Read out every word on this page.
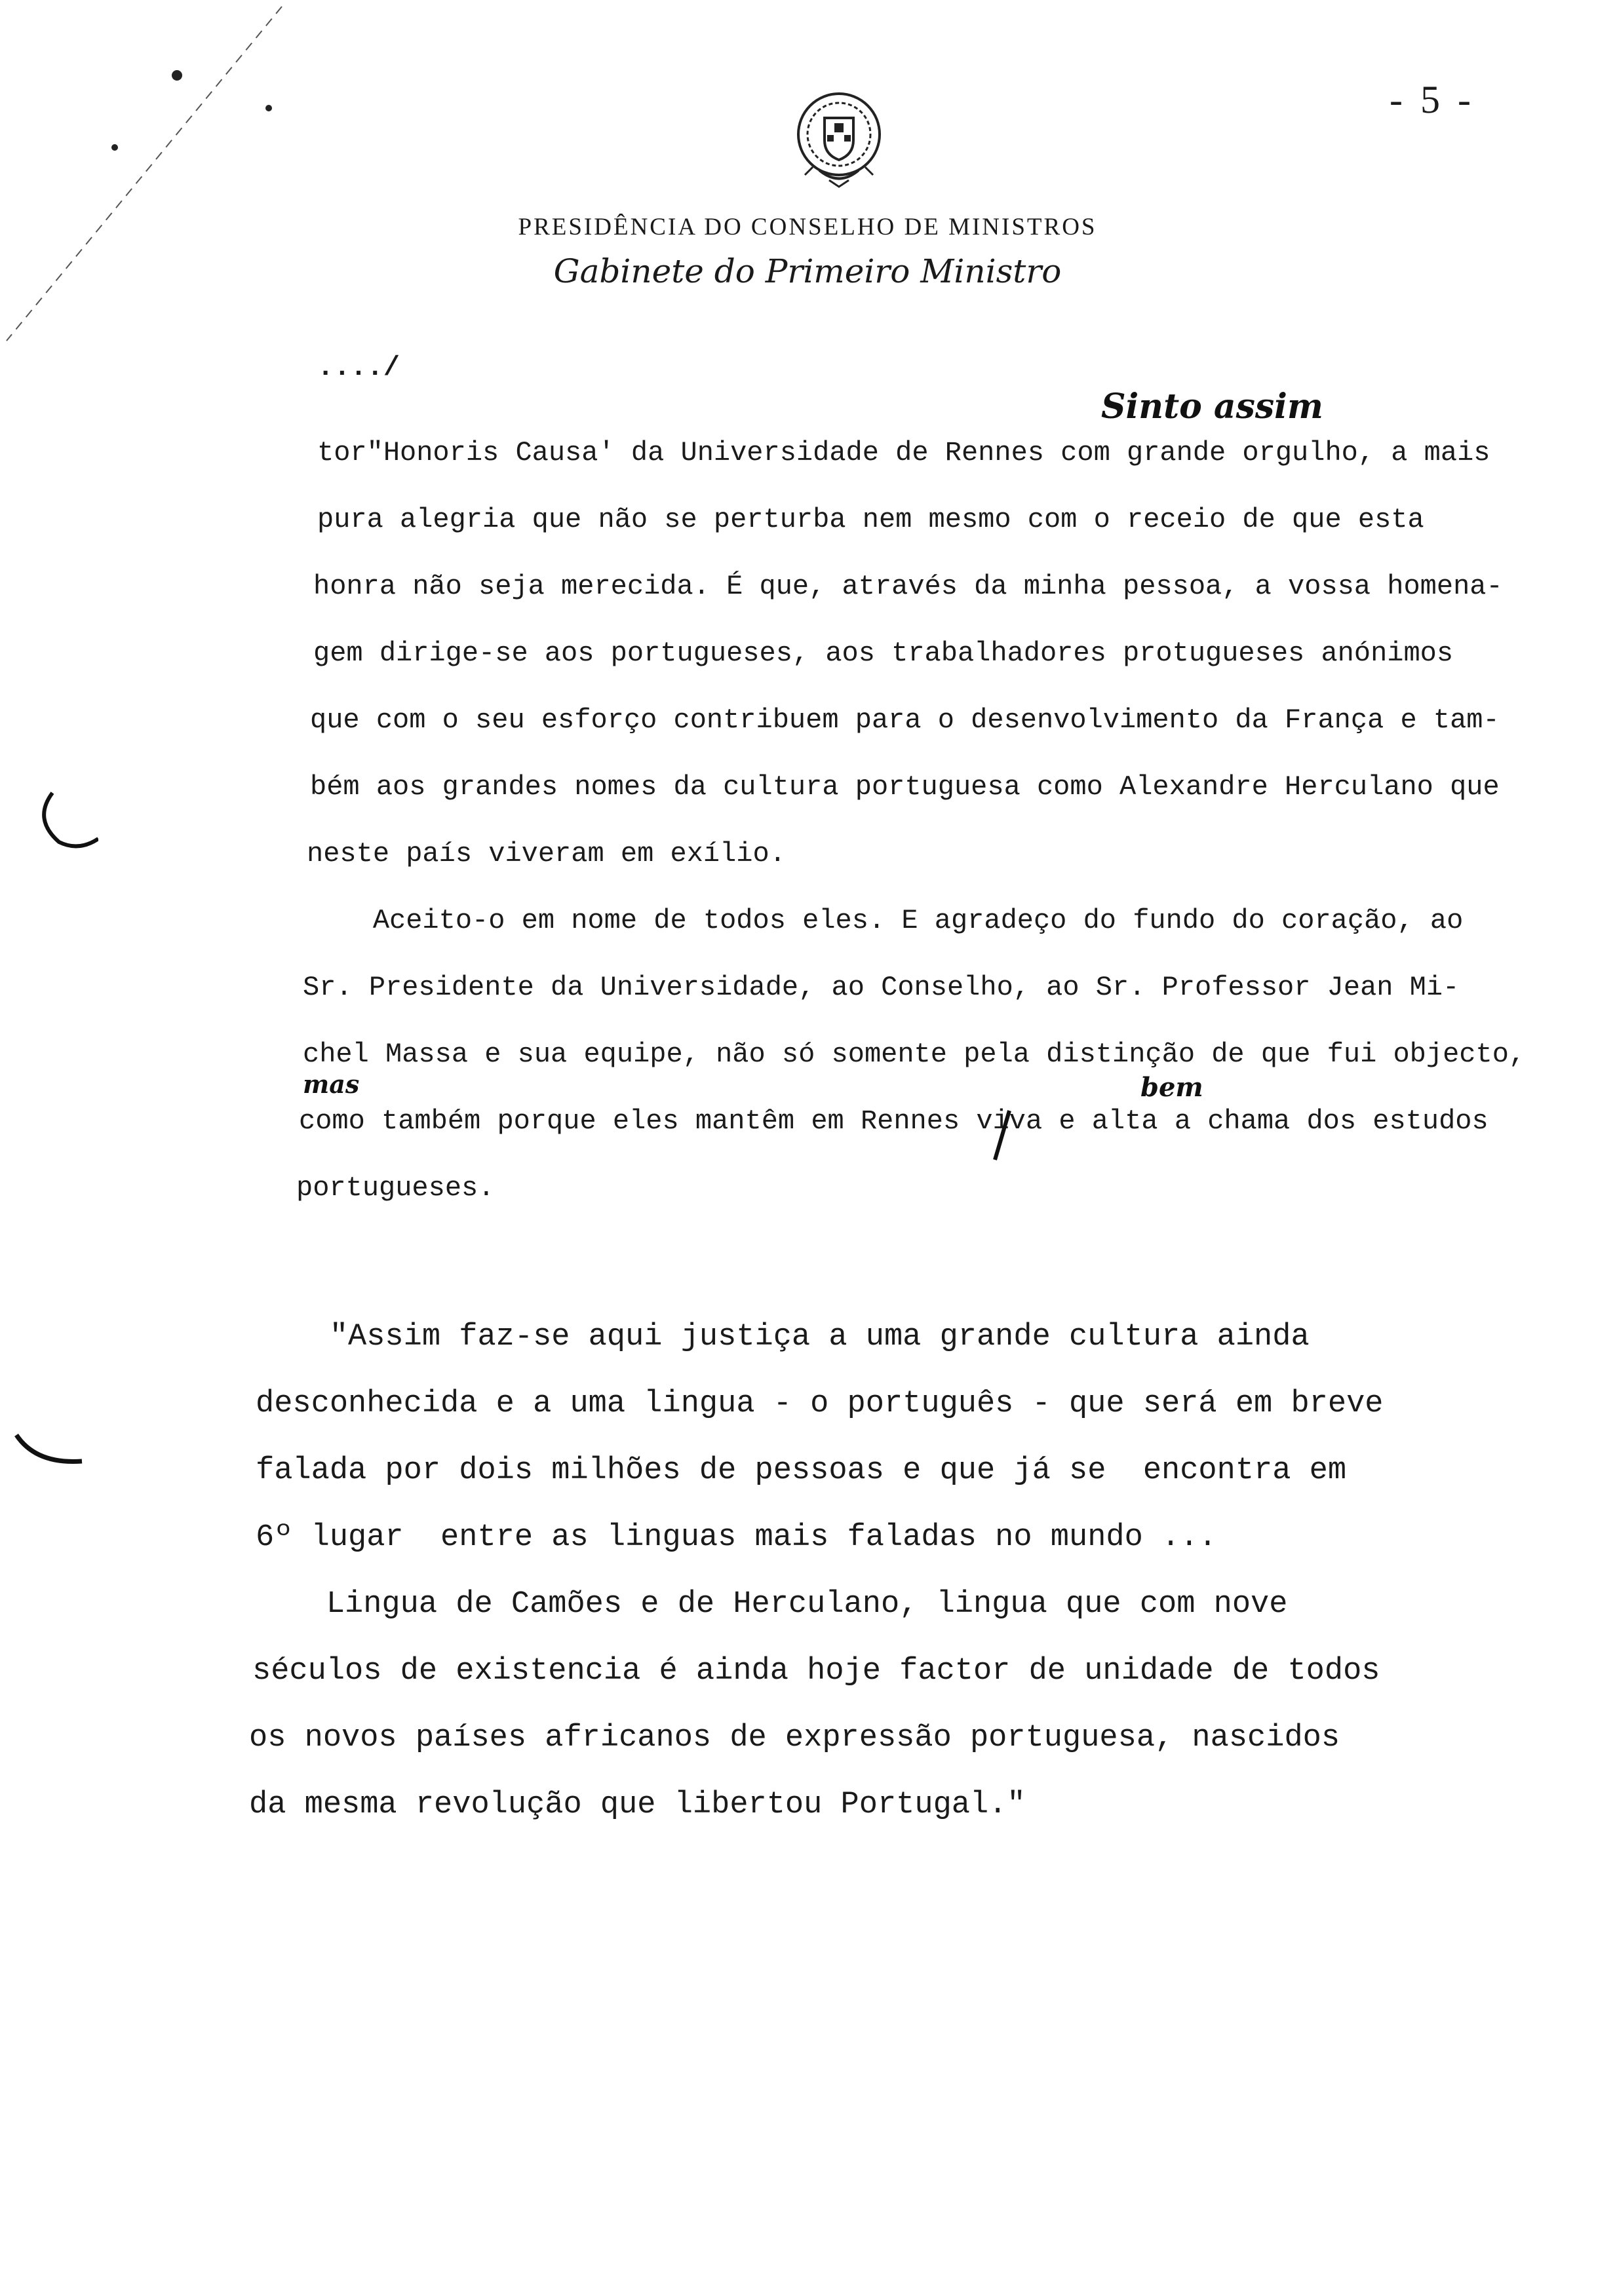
- 5 -
PRESIDÊNCIA DO CONSELHO DE MINISTROS
Gabinete do Primeiro Ministro
..../
tor"Honoris Causa' da Universidade de Rennes com grande orgulho, a mais
pura alegria que não se perturba nem mesmo com o receio de que esta
honra não seja merecida. É que, através da minha pessoa, a vossa homena-
gem dirige-se aos portugueses, aos trabalhadores protugueses anónimos
que com o seu esforço contribuem para o desenvolvimento da França e tam-
bém aos grandes nomes da cultura portuguesa como Alexandre Herculano que
neste país viveram em exílio.
Aceito-o em nome de todos eles. E agradeço do fundo do coração, ao
Sr. Presidente da Universidade, ao Conselho, ao Sr. Professor Jean Mi-
chel Massa e sua equipe, não só somente pela distinção de que fui objecto,
como também porque eles mantêm em Rennes viva e alta a chama dos estudos
portugueses.
Sinto assim
mas	bem
"Assim faz-se aqui justiça a uma grande cultura ainda
desconhecida e a uma lingua - o português - que será em breve
falada por dois milhões de pessoas e que já se  encontra em
6º lugar  entre as linguas mais faladas no mundo ...
Lingua de Camões e de Herculano, lingua que com nove
séculos de existencia é ainda hoje factor de unidade de todos
os novos países africanos de expressão portuguesa, nascidos
da mesma revolução que libertou Portugal."
